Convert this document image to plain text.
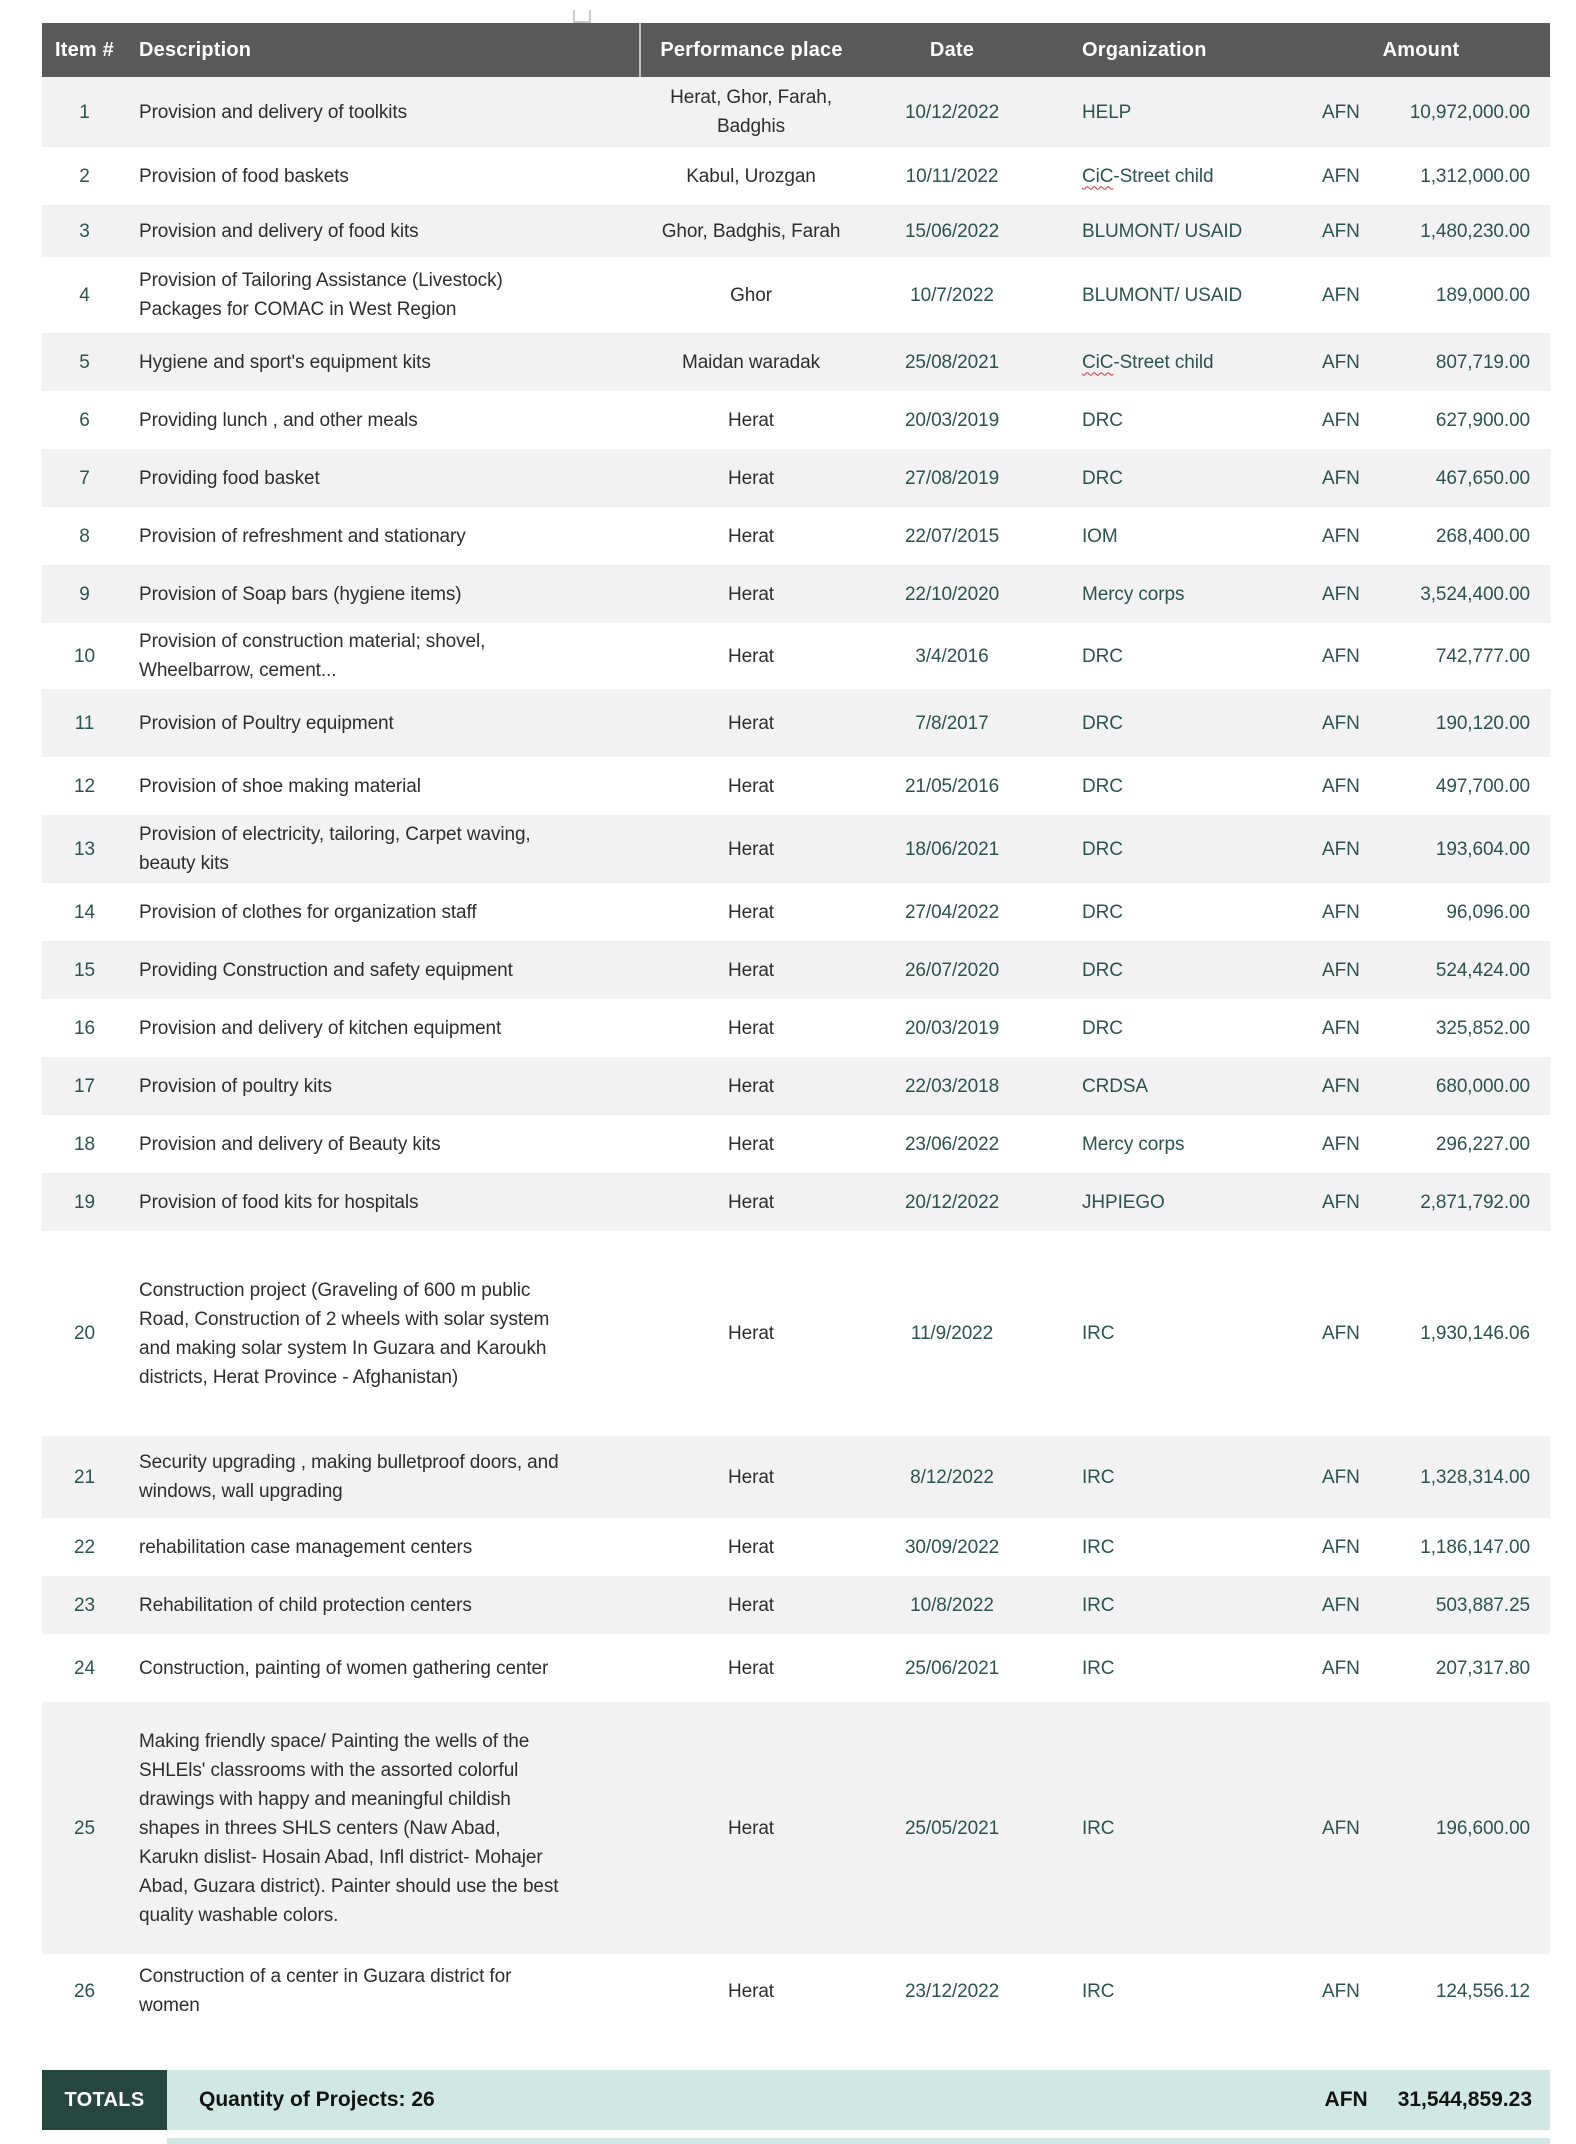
Item #	Description	Performance place	Date	Organization	Amount
1	Provision and delivery of toolkits	Herat, Ghor, Farah, Badghis	10/12/2022	HELP	AFN 10,972,000.00

2	Provision of food baskets	Kabul, Urozgan	10/11/2022	CiC-Street child	AFN 1,312,000.00

3	Provision and delivery of food kits	Ghor, Badghis, Farah	15/06/2022	BLUMONT/ USAID	AFN 1,480,230.00

4	Provision of Tailoring Assistance (Livestock) Packages for COMAC in West Region	Ghor	10/7/2022	BLUMONT/ USAID	AFN 189,000.00

5	Hygiene and sport's equipment kits	Maidan waradak	25/08/2021	CiC-Street child	AFN 807,719.00

6	Providing lunch , and other meals	Herat	20/03/2019	DRC	AFN 627,900.00

7	Providing food basket	Herat	27/08/2019	DRC	AFN 467,650.00

8	Provision of refreshment and stationary	Herat	22/07/2015	IOM	AFN 268,400.00

9	Provision of Soap bars (hygiene items)	Herat	22/10/2020	Mercy corps	AFN 3,524,400.00

10	Provision of construction material; shovel, Wheelbarrow, cement...	Herat	3/4/2016	DRC	AFN 742,777.00

11	Provision of Poultry equipment	Herat	7/8/2017	DRC	AFN 190,120.00

12	Provision of shoe making material	Herat	21/05/2016	DRC	AFN 497,700.00

13	Provision of electricity, tailoring, Carpet waving, beauty kits	Herat	18/06/2021	DRC	AFN 193,604.00

14	Provision of clothes for organization staff	Herat	27/04/2022	DRC	AFN 96,096.00

15	Providing Construction and safety equipment	Herat	26/07/2020	DRC	AFN 524,424.00

16	Provision and delivery of kitchen equipment	Herat	20/03/2019	DRC	AFN 325,852.00

17	Provision of poultry kits	Herat	22/03/2018	CRDSA	AFN 680,000.00

18	Provision and delivery of Beauty kits	Herat	23/06/2022	Mercy corps	AFN 296,227.00

19	Provision of food kits for hospitals	Herat	20/12/2022	JHPIEGO	AFN 2,871,792.00

20	Construction project (Graveling of 600 m public Road, Construction of 2 wheels with solar system and making solar system In Guzara and Karoukh districts, Herat Province - Afghanistan)	Herat	11/9/2022	IRC	AFN 1,930,146.06

21	Security upgrading , making bulletproof doors, and windows, wall upgrading	Herat	8/12/2022	IRC	AFN 1,328,314.00

22	rehabilitation case management centers	Herat	30/09/2022	IRC	AFN 1,186,147.00

23	Rehabilitation of child protection centers	Herat	10/8/2022	IRC	AFN 503,887.25

24	Construction, painting of women gathering center	Herat	25/06/2021	IRC	AFN 207,317.80

25	Making friendly space/ Painting the wells of the SHLEls' classrooms with the assorted colorful drawings with happy and meaningful childish shapes in threes SHLS centers (Naw Abad, Karukn dislist- Hosain Abad, Infl district- Mohajer Abad, Guzara district). Painter should use the best quality washable colors.	Herat	25/05/2021	IRC	AFN 196,600.00

26	Construction of a center in Guzara district for women	Herat	23/12/2022	IRC	AFN 124,556.12
TOTALS	Quantity of Projects: 26	AFN 31,544,859.23
